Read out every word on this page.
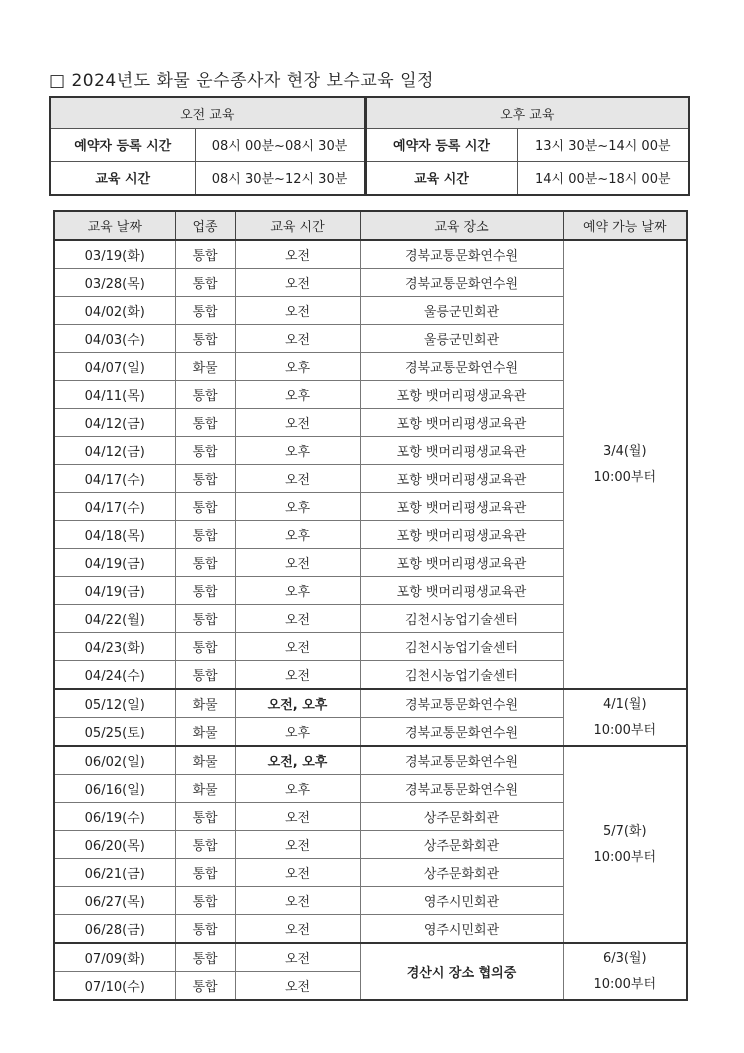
□ 2024년도 화물 운수종사자 현장 보수교육 일정
오전 교육		오후 교육	
예약자 등록 시간	08시 00분~08시 30분	예약자 등록 시간	13시 30분~14시 00분
교육 시간	08시 30분~12시 30분	교육 시간	14시 00분~18시 00분
교육 날짜	업종	교육 시간	교육 장소	예약 가능 날짜
03/19(화)	통합	오전	경북교통문화연수원	3/4(월)
10:00부터

03/28(목)	통합	오전	경북교통문화연수원	
04/02(화)	통합	오전	울릉군민회관	
04/03(수)	통합	오전	울릉군민회관	
04/07(일)	화물	오후	경북교통문화연수원	
04/11(목)	통합	오후	포항 뱃머리평생교육관	
04/12(금)	통합	오전	포항 뱃머리평생교육관	
04/12(금)	통합	오후	포항 뱃머리평생교육관	
04/17(수)	통합	오전	포항 뱃머리평생교육관	
04/17(수)	통합	오후	포항 뱃머리평생교육관	
04/18(목)	통합	오후	포항 뱃머리평생교육관	
04/19(금)	통합	오전	포항 뱃머리평생교육관	
04/19(금)	통합	오후	포항 뱃머리평생교육관	
04/22(월)	통합	오전	김천시농업기술센터	
04/23(화)	통합	오전	김천시농업기술센터	
04/24(수)	통합	오전	김천시농업기술센터	
05/12(일)	화물	오전, 오후	경북교통문화연수원	4/1(월)
10:00부터

05/25(토)	화물	오후	경북교통문화연수원	
06/02(일)	화물	오전, 오후	경북교통문화연수원	5/7(화)
10:00부터

06/16(일)	화물	오후	경북교통문화연수원	
06/19(수)	통합	오전	상주문화회관	
06/20(목)	통합	오전	상주문화회관	
06/21(금)	통합	오전	상주문화회관	
06/27(목)	통합	오전	영주시민회관	
06/28(금)	통합	오전	영주시민회관	
07/09(화)	통합	오전	경산시 장소 협의중	6/3(월)
10:00부터

07/10(수)	통합	오전		
